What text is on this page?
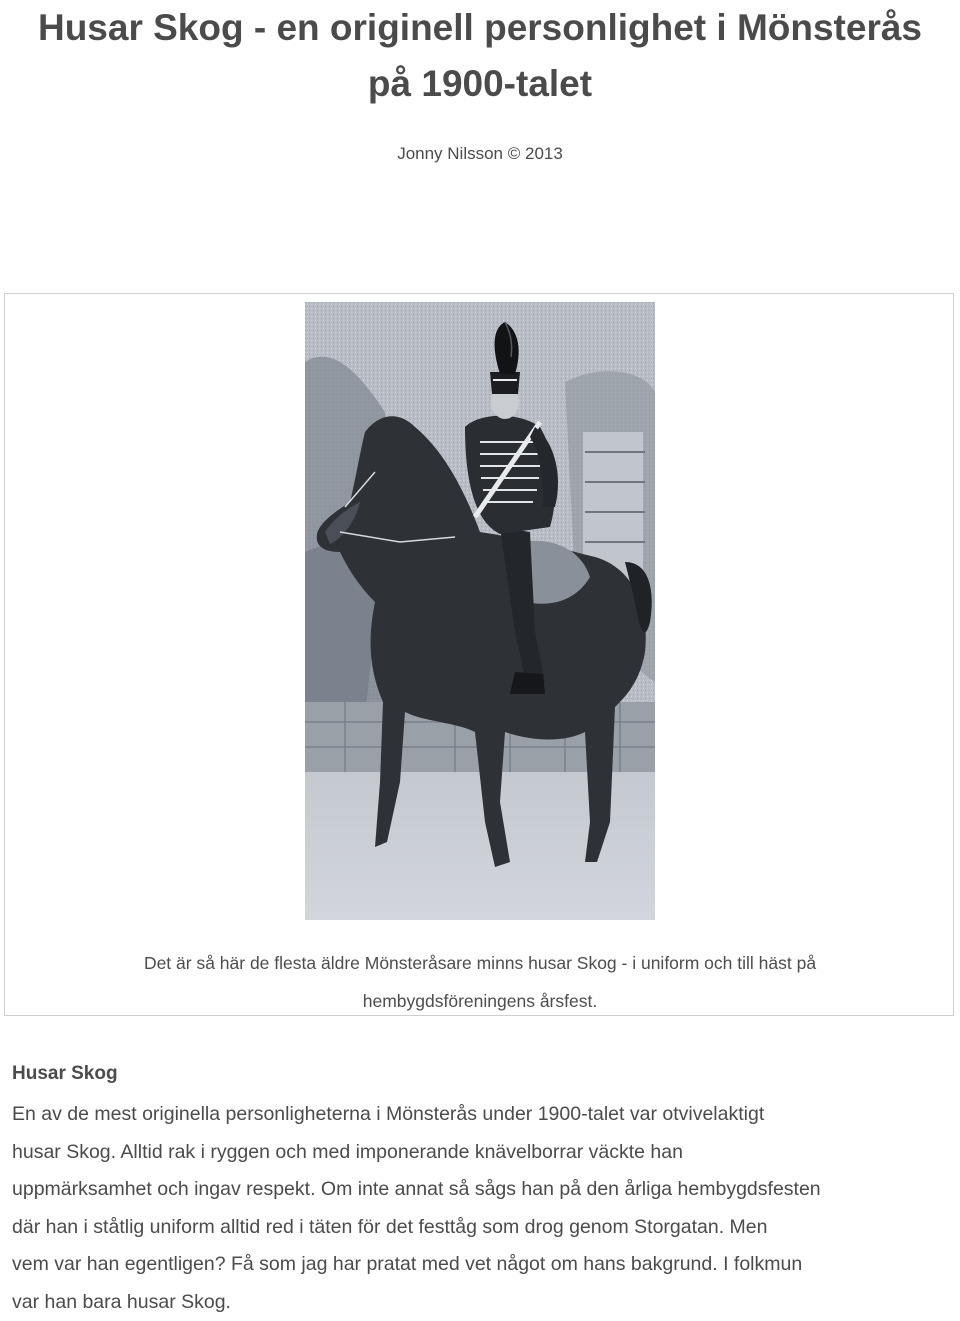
Husar Skog - en originell personlighet i Mönsterås
på 1900-talet
Jonny Nilsson © 2013
Det är så här de flesta äldre Mönsteråsare minns husar Skog - i uniform och till häst på
hembygdsföreningens årsfest.
Husar Skog
En av de mest originella personligheterna i Mönsterås under 1900-talet var otvivelaktigt
husar Skog. Alltid rak i ryggen och med imponerande knävelborrar väckte han
uppmärksamhet och ingav respekt. Om inte annat så sågs han på den årliga hembygdsfesten
där han i ståtlig uniform alltid red i täten för det festtåg som drog genom Storgatan. Men
vem var han egentligen? Få som jag har pratat med vet något om hans bakgrund. I folkmun
var han bara husar Skog.
